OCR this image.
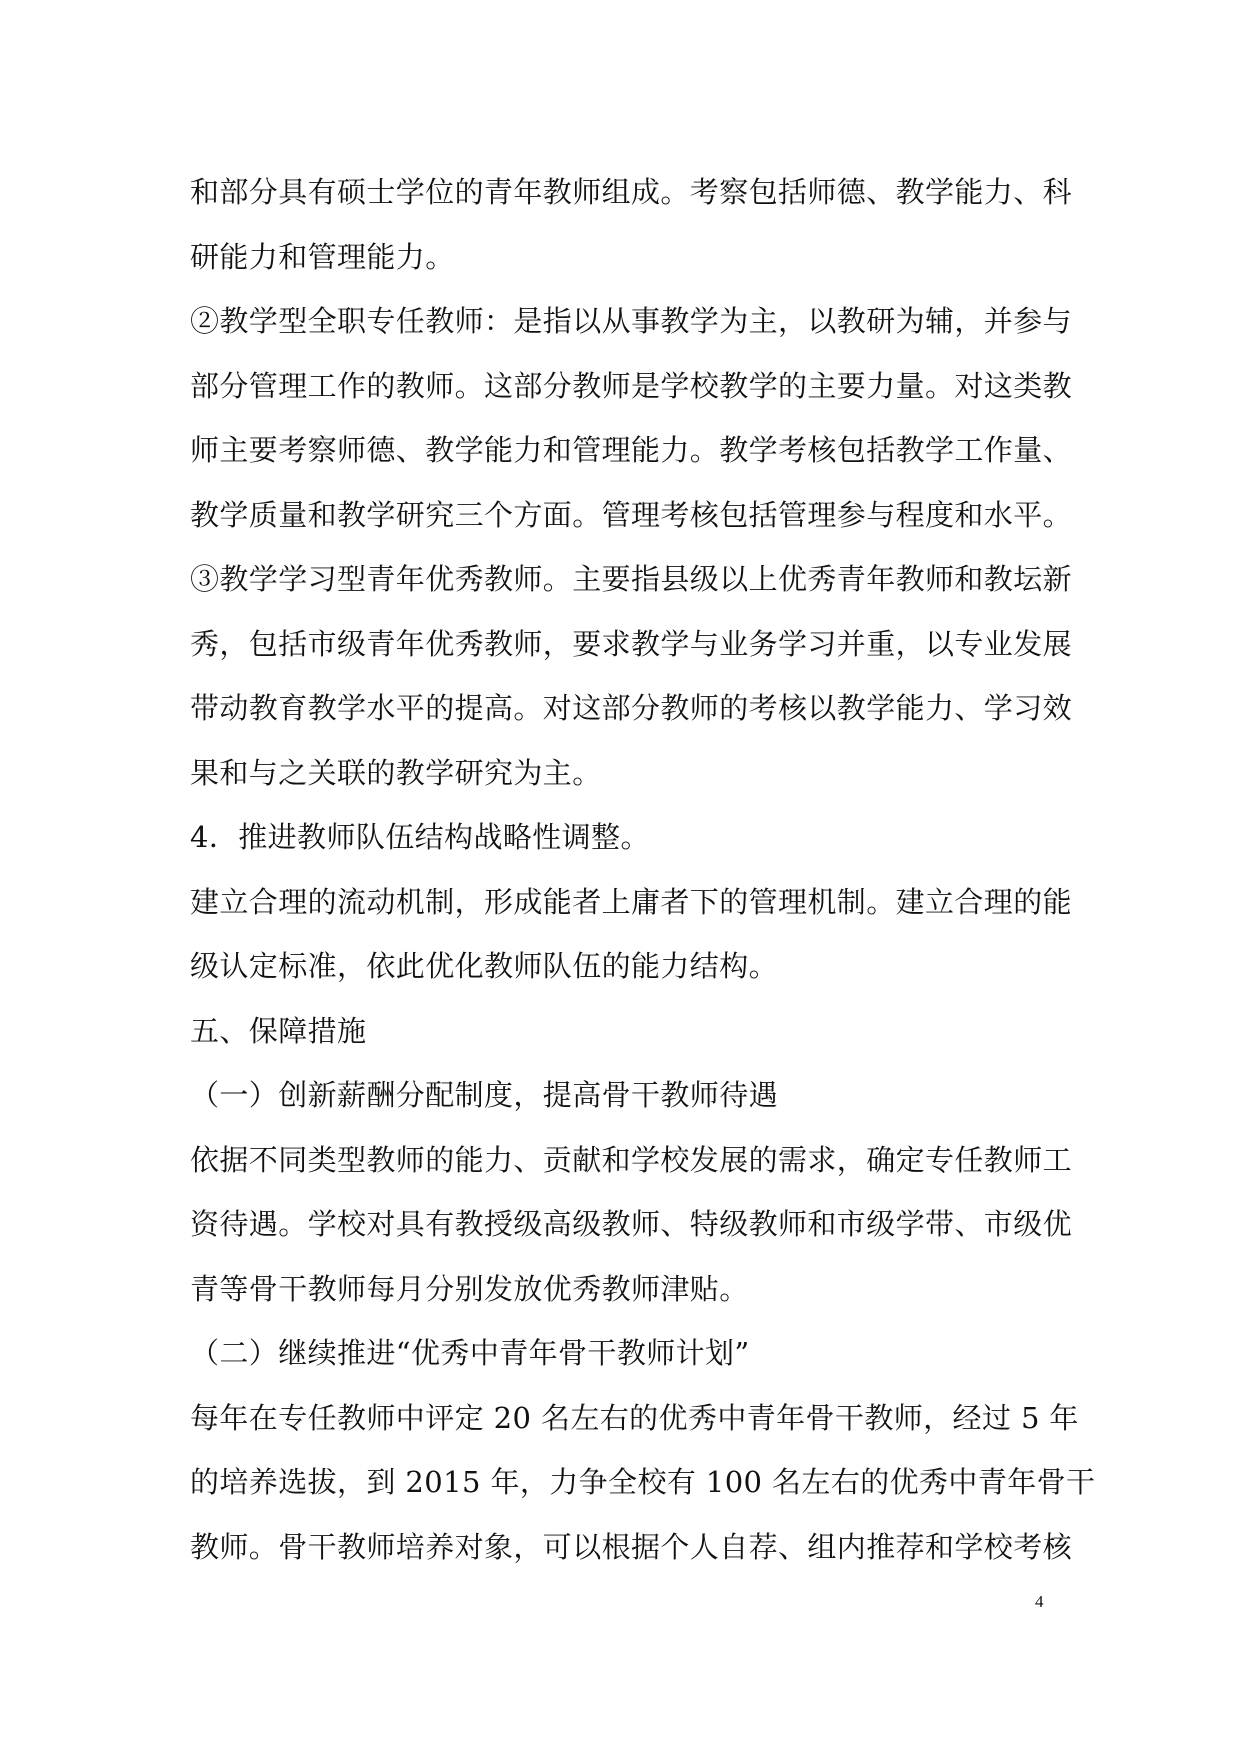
和部分具有硕士学位的青年教师组成。考察包括师德、教学能力、科
研能力和管理能力。
②教学型全职专任教师：是指以从事教学为主，以教研为辅，并参与
部分管理工作的教师。这部分教师是学校教学的主要力量。对这类教
师主要考察师德、教学能力和管理能力。教学考核包括教学工作量、
教学质量和教学研究三个方面。管理考核包括管理参与程度和水平。
③教学学习型青年优秀教师。主要指县级以上优秀青年教师和教坛新
秀，包括市级青年优秀教师，要求教学与业务学习并重，以专业发展
带动教育教学水平的提高。对这部分教师的考核以教学能力、学习效
果和与之关联的教学研究为主。
4．推进教师队伍结构战略性调整。
建立合理的流动机制，形成能者上庸者下的管理机制。建立合理的能
级认定标准，依此优化教师队伍的能力结构。
五、保障措施
（一）创新薪酬分配制度，提高骨干教师待遇
依据不同类型教师的能力、贡献和学校发展的需求，确定专任教师工
资待遇。学校对具有教授级高级教师、特级教师和市级学带、市级优
青等骨干教师每月分别发放优秀教师津贴。
（二）继续推进“优秀中青年骨干教师计划”
每年在专任教师中评定 20 名左右的优秀中青年骨干教师，经过 5 年
的培养选拔，到 2015 年，力争全校有 100 名左右的优秀中青年骨干
教师。骨干教师培养对象，可以根据个人自荐、组内推荐和学校考核
4
